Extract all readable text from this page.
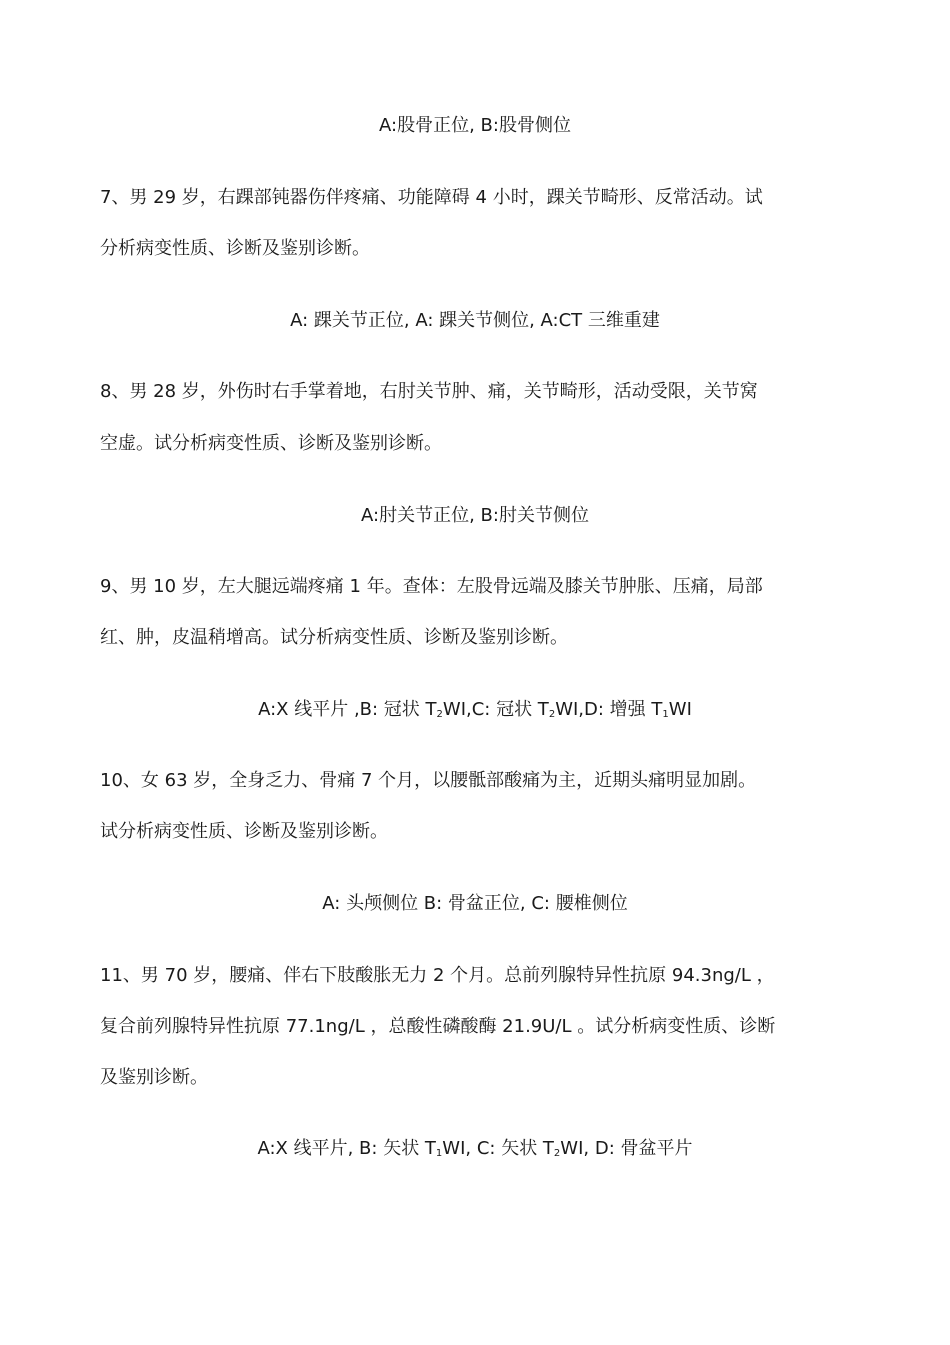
A:股骨正位, B:股骨侧位
7、男 29 岁，右踝部钝器伤伴疼痛、功能障碍 4 小时，踝关节畸形、反常活动。试
分析病变性质、诊断及鉴别诊断。
A: 踝关节正位, A: 踝关节侧位, A:CT 三维重建
8、男 28 岁，外伤时右手掌着地，右肘关节肿、痛，关节畸形，活动受限，关节窝
空虚。试分析病变性质、诊断及鉴别诊断。
A:肘关节正位, B:肘关节侧位
9、男 10 岁，左大腿远端疼痛 1 年。查体：左股骨远端及膝关节肿胀、压痛，局部
红、肿，皮温稍增高。试分析病变性质、诊断及鉴别诊断。
A:X 线平片 ,B: 冠状 $T_2WI,C$: 冠状 $T_2WI,D$: 增强 $T_1WI$
10、女 63 岁，全身乏力、骨痛 7 个月，以腰骶部酸痛为主，近期头痛明显加剧。
试分析病变性质、诊断及鉴别诊断。
A: 头颅侧位 B: 骨盆正位, C: 腰椎侧位
11、男 70 岁，腰痛、伴右下肢酸胀无力 2 个月。总前列腺特异性抗原 94.3ng/L ，
复合前列腺特异性抗原 77.1ng/L ，总酸性磷酸酶 21.9U/L 。试分析病变性质、诊断
及鉴别诊断。
A:X 线平片, B: 矢状 $T_1WI$, C: 矢状 $T_2WI$, D: 骨盆平片
